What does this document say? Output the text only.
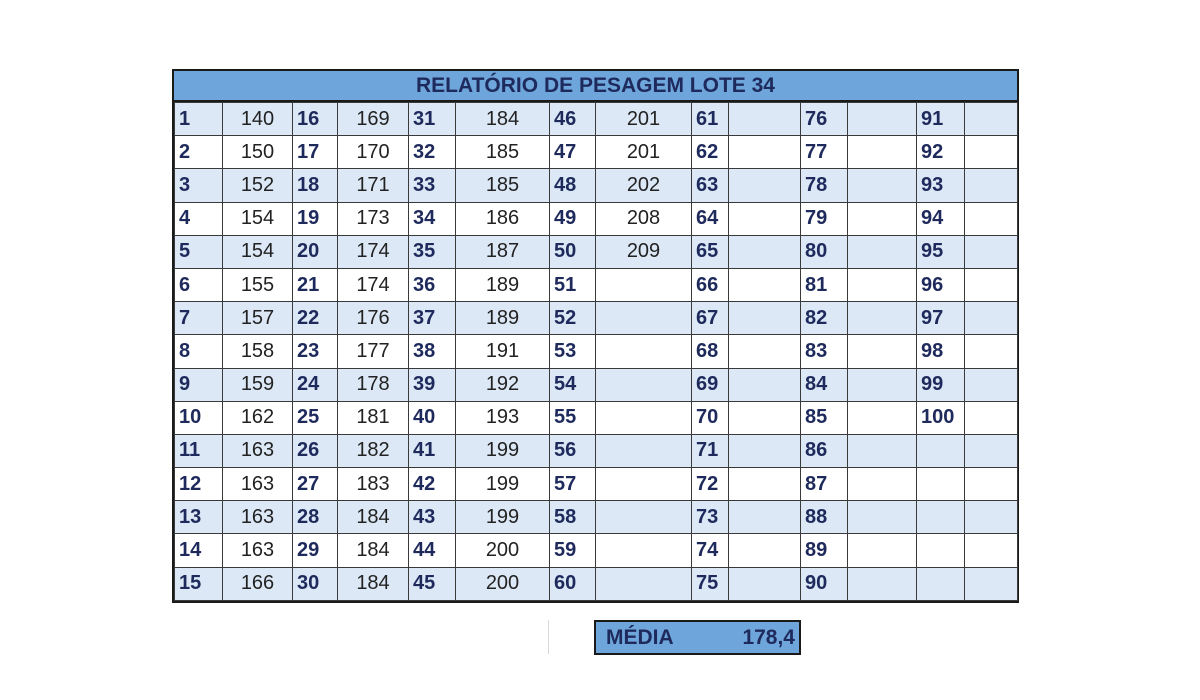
RELATÓRIO DE PESAGEM LOTE 34
1	140	16	169	31	184	46	201	61		76		91	
2	150	17	170	32	185	47	201	62		77		92	
3	152	18	171	33	185	48	202	63		78		93	
4	154	19	173	34	186	49	208	64		79		94	
5	154	20	174	35	187	50	209	65		80		95	
6	155	21	174	36	189	51		66		81		96	
7	157	22	176	37	189	52		67		82		97	
8	158	23	177	38	191	53		68		83		98	
9	159	24	178	39	192	54		69		84		99	
10	162	25	181	40	193	55		70		85		100	
11	163	26	182	41	199	56		71		86			
12	163	27	183	42	199	57		72		87			
13	163	28	184	43	199	58		73		88			
14	163	29	184	44	200	59		74		89			
15	166	30	184	45	200	60		75		90			
MÉDIA	178,4
